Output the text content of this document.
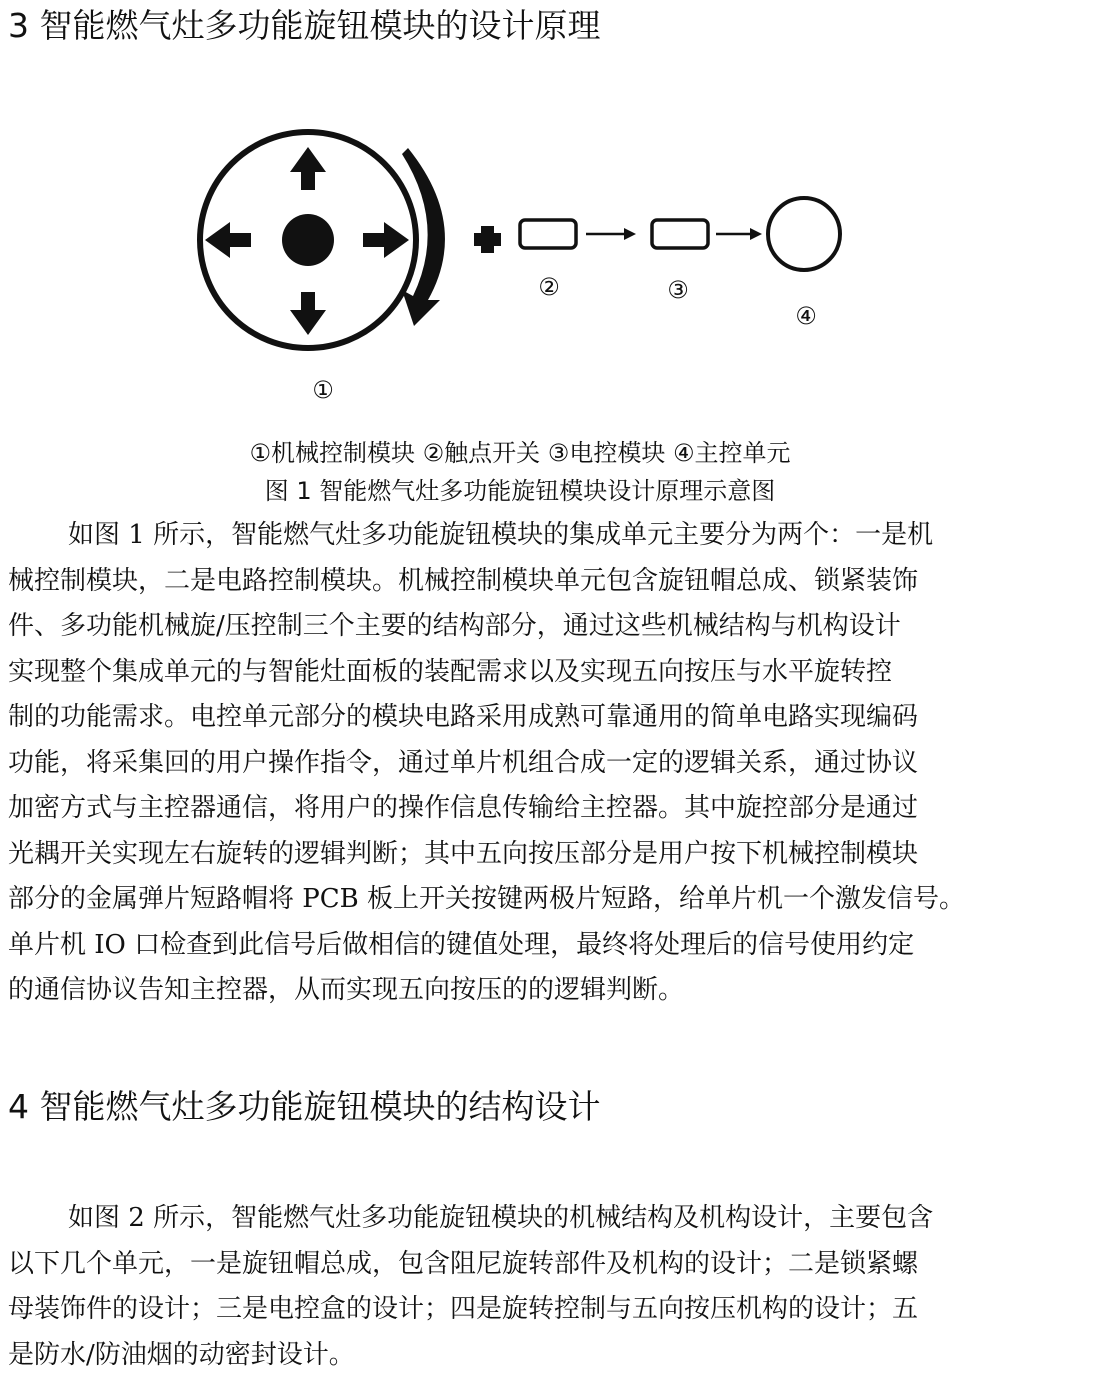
3 智能燃气灶多功能旋钮模块的设计原理
①
②	③
④

①机械控制模块 ②触点开关 ③电控模块 ④主控单元

图 1 智能燃气灶多功能旋钮模块设计原理示意图

如图 1 所示，智能燃气灶多功能旋钮模块的集成单元主要分为两个：一是机
械控制模块，二是电路控制模块。机械控制模块单元包含旋钮帽总成、锁紧装饰
件、多功能机械旋/压控制三个主要的结构部分，通过这些机械结构与机构设计
实现整个集成单元的与智能灶面板的装配需求以及实现五向按压与水平旋转控
制的功能需求。电控单元部分的模块电路采用成熟可靠通用的简单电路实现编码
功能，将采集回的用户操作指令，通过单片机组合成一定的逻辑关系，通过协议
加密方式与主控器通信，将用户的操作信息传输给主控器。其中旋控部分是通过
光耦开关实现左右旋转的逻辑判断；其中五向按压部分是用户按下机械控制模块
部分的金属弹片短路帽将 PCB 板上开关按键两极片短路，给单片机一个激发信号。
单片机 IO 口检查到此信号后做相信的键值处理，最终将处理后的信号使用约定
的通信协议告知主控器，从而实现五向按压的的逻辑判断。
4 智能燃气灶多功能旋钮模块的结构设计
如图 2 所示，智能燃气灶多功能旋钮模块的机械结构及机构设计，主要包含
以下几个单元，一是旋钮帽总成，包含阻尼旋转部件及机构的设计；二是锁紧螺
母装饰件的设计；三是电控盒的设计；四是旋转控制与五向按压机构的设计；五
是防水/防油烟的动密封设计。
